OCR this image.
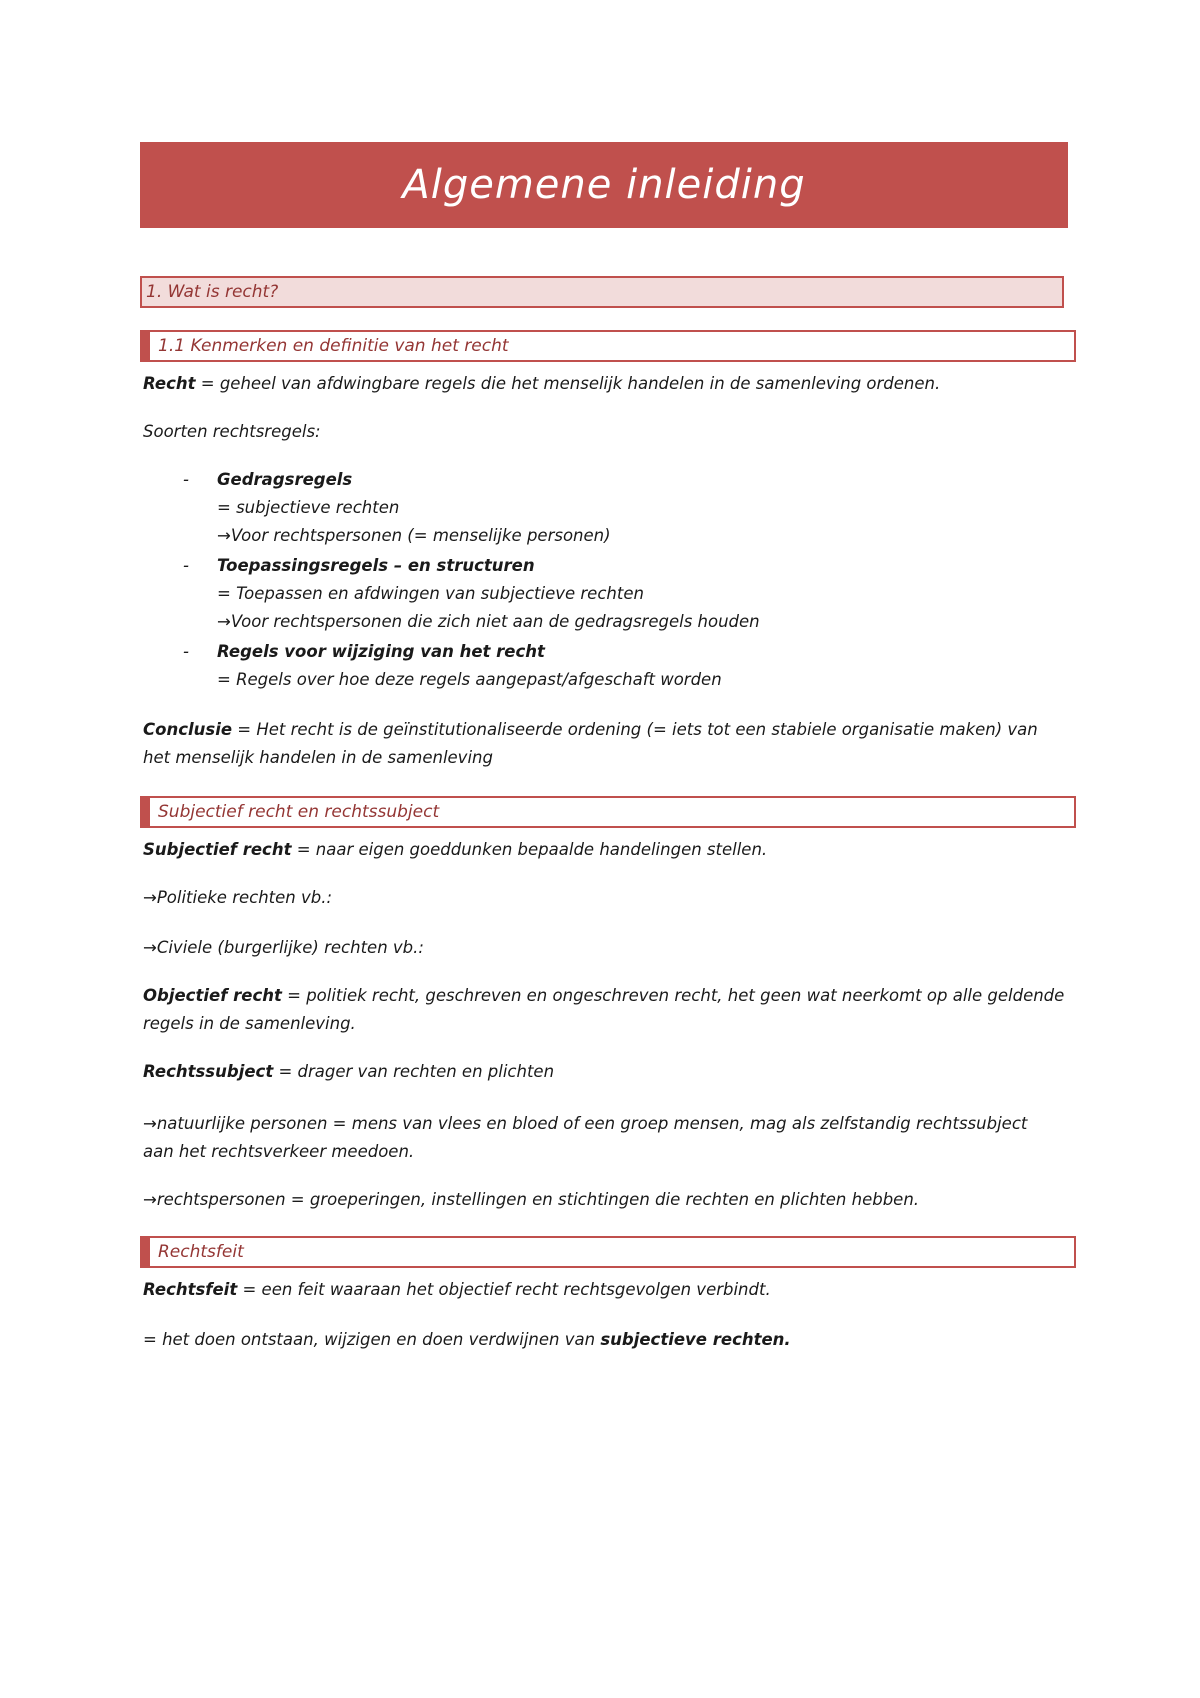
Algemene inleiding
1. Wat is recht?
1.1 Kenmerken en definitie van het recht
Recht = geheel van afdwingbare regels die het menselijk handelen in de samenleving ordenen.
Soorten rechtsregels:
- Gedragsregels
= subjectieve rechten
→Voor rechtspersonen (= menselijke personen)
- Toepassingsregels – en structuren
= Toepassen en afdwingen van subjectieve rechten
→Voor rechtspersonen die zich niet aan de gedragsregels houden
- Regels voor wijziging van het recht
= Regels over hoe deze regels aangepast/afgeschaft worden
Conclusie = Het recht is de geïnstitutionaliseerde ordening (= iets tot een stabiele organisatie maken) van
het menselijk handelen in de samenleving
Subjectief recht en rechtssubject
Subjectief recht = naar eigen goeddunken bepaalde handelingen stellen.
→Politieke rechten vb.:
→Civiele (burgerlijke) rechten vb.:
Objectief recht = politiek recht, geschreven en ongeschreven recht, het geen wat neerkomt op alle geldende
regels in de samenleving.
Rechtssubject = drager van rechten en plichten
→natuurlijke personen = mens van vlees en bloed of een groep mensen, mag als zelfstandig rechtssubject
aan het rechtsverkeer meedoen.
→rechtspersonen = groeperingen, instellingen en stichtingen die rechten en plichten hebben.
Rechtsfeit
Rechtsfeit = een feit waaraan het objectief recht rechtsgevolgen verbindt.
= het doen ontstaan, wijzigen en doen verdwijnen van subjectieve rechten.
